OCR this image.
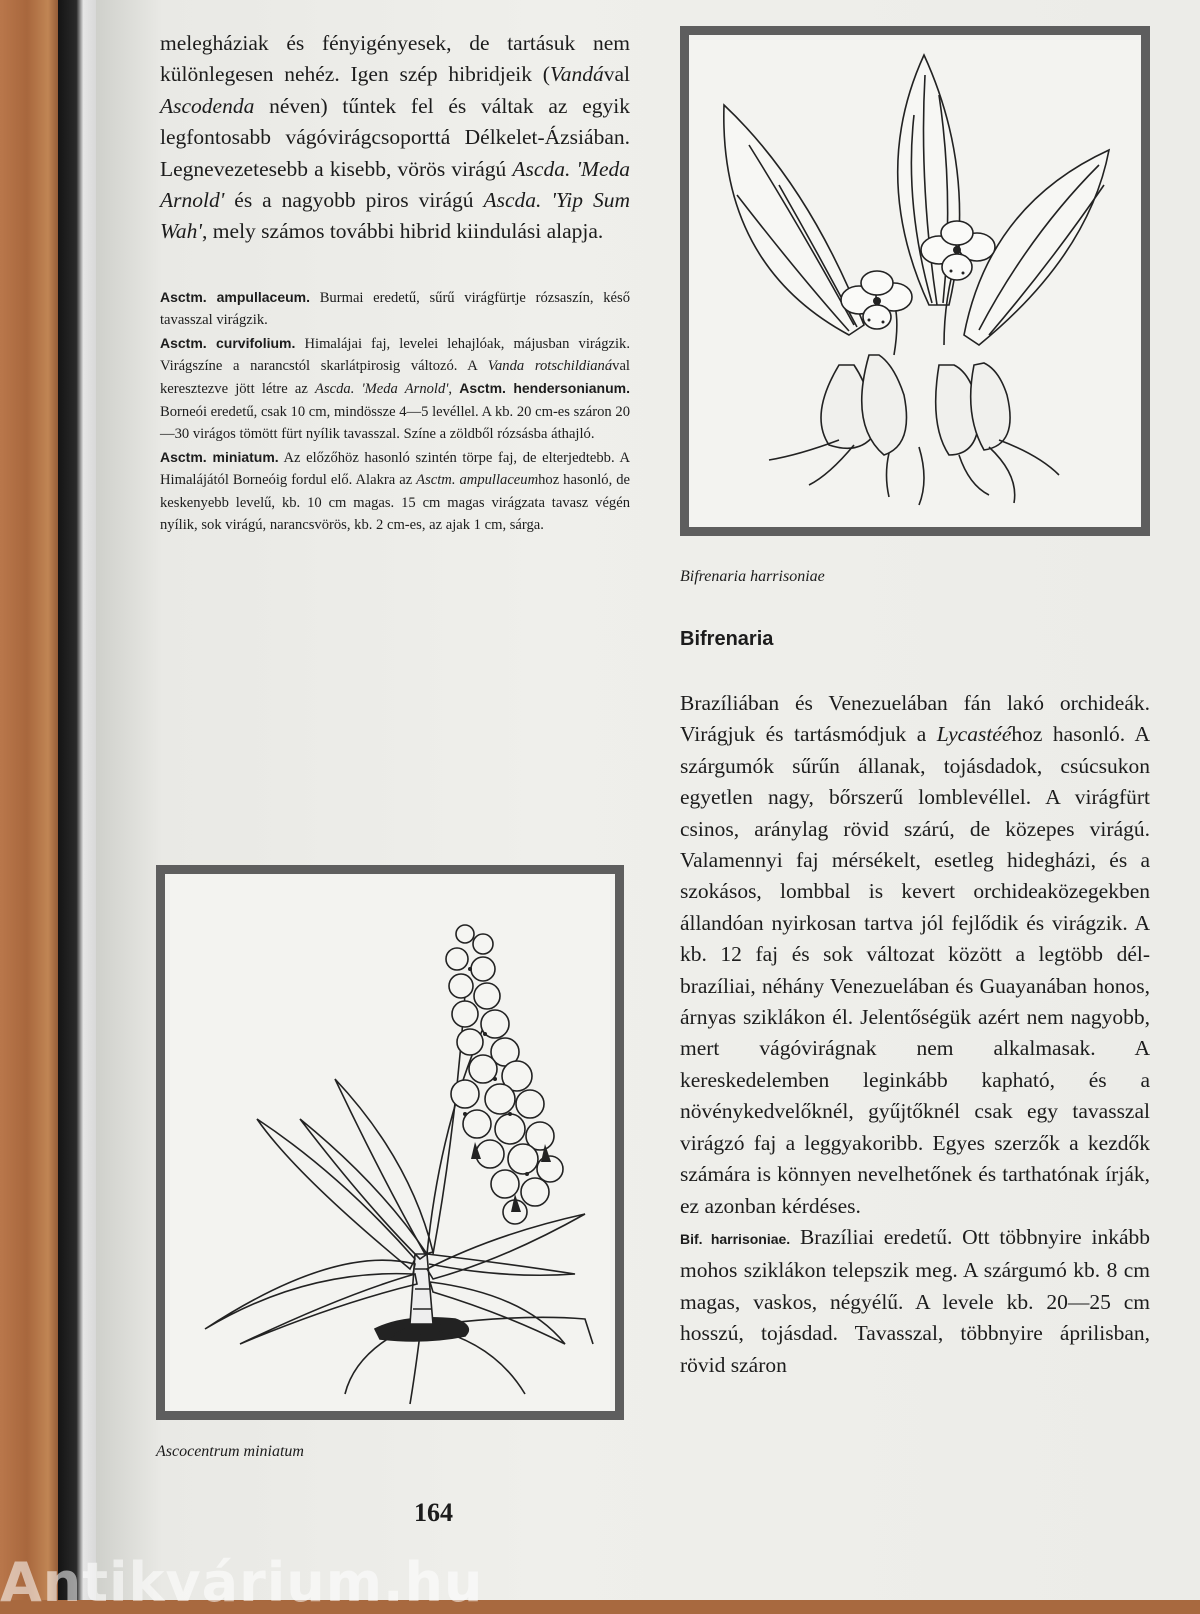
melegháziak és fényigényesek, de tartásuk nem különlegesen nehéz. Igen szép hibridjeik (Vandával Ascodenda néven) tűntek fel és váltak az egyik legfontosabb vágóvirágcsoporttá Délkelet-Ázsiában. Legnevezetesebb a kisebb, vörös virágú Ascda. 'Meda Arnold' és a nagyobb piros virágú Ascda. 'Yip Sum Wah', mely számos további hibrid kiindulási alapja.

Asctm. ampullaceum. Burmai eredetű, sűrű virágfürtje rózsaszín, késő tavasszal virágzik.

Asctm. curvifolium. Himalájai faj, levelei lehajlóak, májusban virágzik. Virágszíne a narancstól skarlátpirosig változó. A Vanda rotschildianával keresztezve jött létre az Ascda. 'Meda Arnold', Asctm. hendersonianum. Borneói eredetű, csak 10 cm, mindössze 4—5 levéllel. A kb. 20 cm-es száron 20—30 virágos tömött fürt nyílik tavasszal. Színe a zöldből rózsásba áthajló.

Asctm. miniatum. Az előzőhöz hasonló szintén törpe faj, de elterjedtebb. A Himalájától Borneóig fordul elő. Alakra az Asctm. ampullaceumhoz hasonló, de keskenyebb levelű, kb. 10 cm magas. 15 cm magas virágzata tavasz végén nyílik, sok virágú, narancsvörös, kb. 2 cm-es, az ajak 1 cm, sárga.

Ascocentrum miniatum
Bifrenaria harrisoniae
Bifrenaria

Brazíliában és Venezuelában fán lakó orchideák. Virágjuk és tartásmódjuk a Lycastééhoz hasonló. A szárgumók sűrűn állanak, tojásdadok, csúcsukon egyetlen nagy, bőrszerű lomblevéllel. A virágfürt csinos, aránylag rövid szárú, de közepes virágú. Valamennyi faj mérsékelt, esetleg hidegházi, és a szokásos, lombbal is kevert orchideaközegekben állandóan nyirkosan tartva jól fejlődik és virágzik. A kb. 12 faj és sok változat között a legtöbb dél-brazíliai, néhány Venezuelában és Guayanában honos, árnyas sziklákon él. Jelentőségük azért nem nagyobb, mert vágóvirágnak nem alkalmasak. A kereskedelemben leginkább kapható, és a növénykedvelőknél, gyűjtőknél csak egy tavasszal virágzó faj a leggyakoribb. Egyes szerzők a kezdők számára is könnyen nevelhetőnek és tarthatónak írják, ez azonban kérdéses.

Bif. harrisoniae. Brazíliai eredetű. Ott többnyire inkább mohos sziklákon telepszik meg. A szárgumó kb. 8 cm magas, vaskos, négyélű. A levele kb. 20—25 cm hosszú, tojásdad. Tavasszal, többnyire áprilisban, rövid száron

164
Antikvárium.hu
